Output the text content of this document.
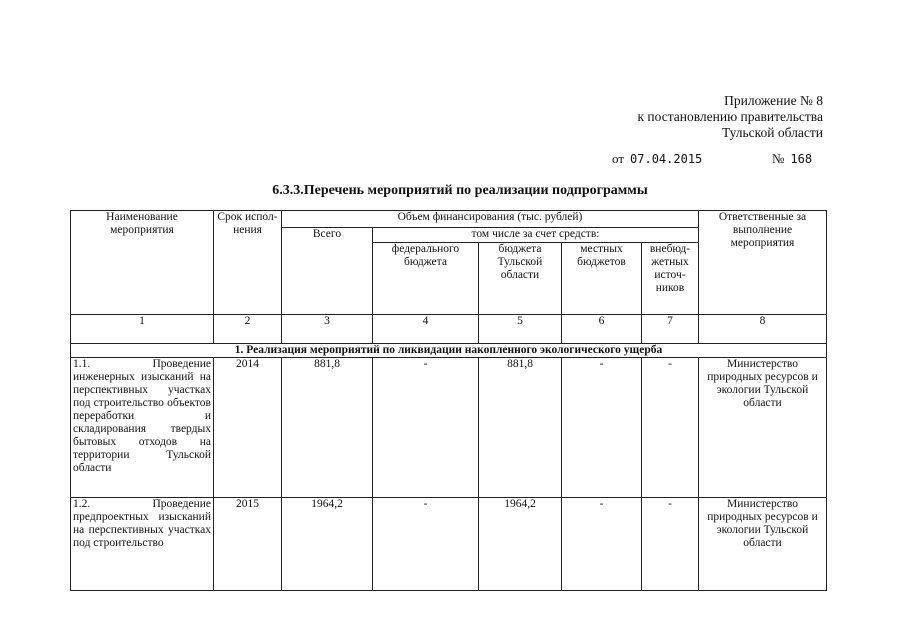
Приложение № 8
к постановлению правительства
Тульской области
от 07.04.2015	№ 168
6.3.3.Перечень мероприятий по реализации подпрограммы
Наименование мероприятия	Срок испол-нения	Объем финансирования (тыс. рублей)					Ответственные за выполнение мероприятия
		Всего	том числе за счет средств:				
			федерального бюджета	бюджета Тульской области	местных бюджетов	внебюд-жетных источ-ников	
1	2	3	4	5	6	7	8
1. Реализация мероприятий по ликвидации накопленного экологического ущерба							
1.1. Проведение инженерных изысканий на перспективных участках под строительство объектов переработки и складирования твердых бытовых отходов на территории Тульской области	2014	881,8	-	881,8	-	-	Министерство природных ресурсов и экологии Тульской области
1.2. Проведение предпроектных изысканий на перспективных участках под строительство	2015	1964,2	-	1964,2	-	-	Министерство природных ресурсов и экологии Тульской области
